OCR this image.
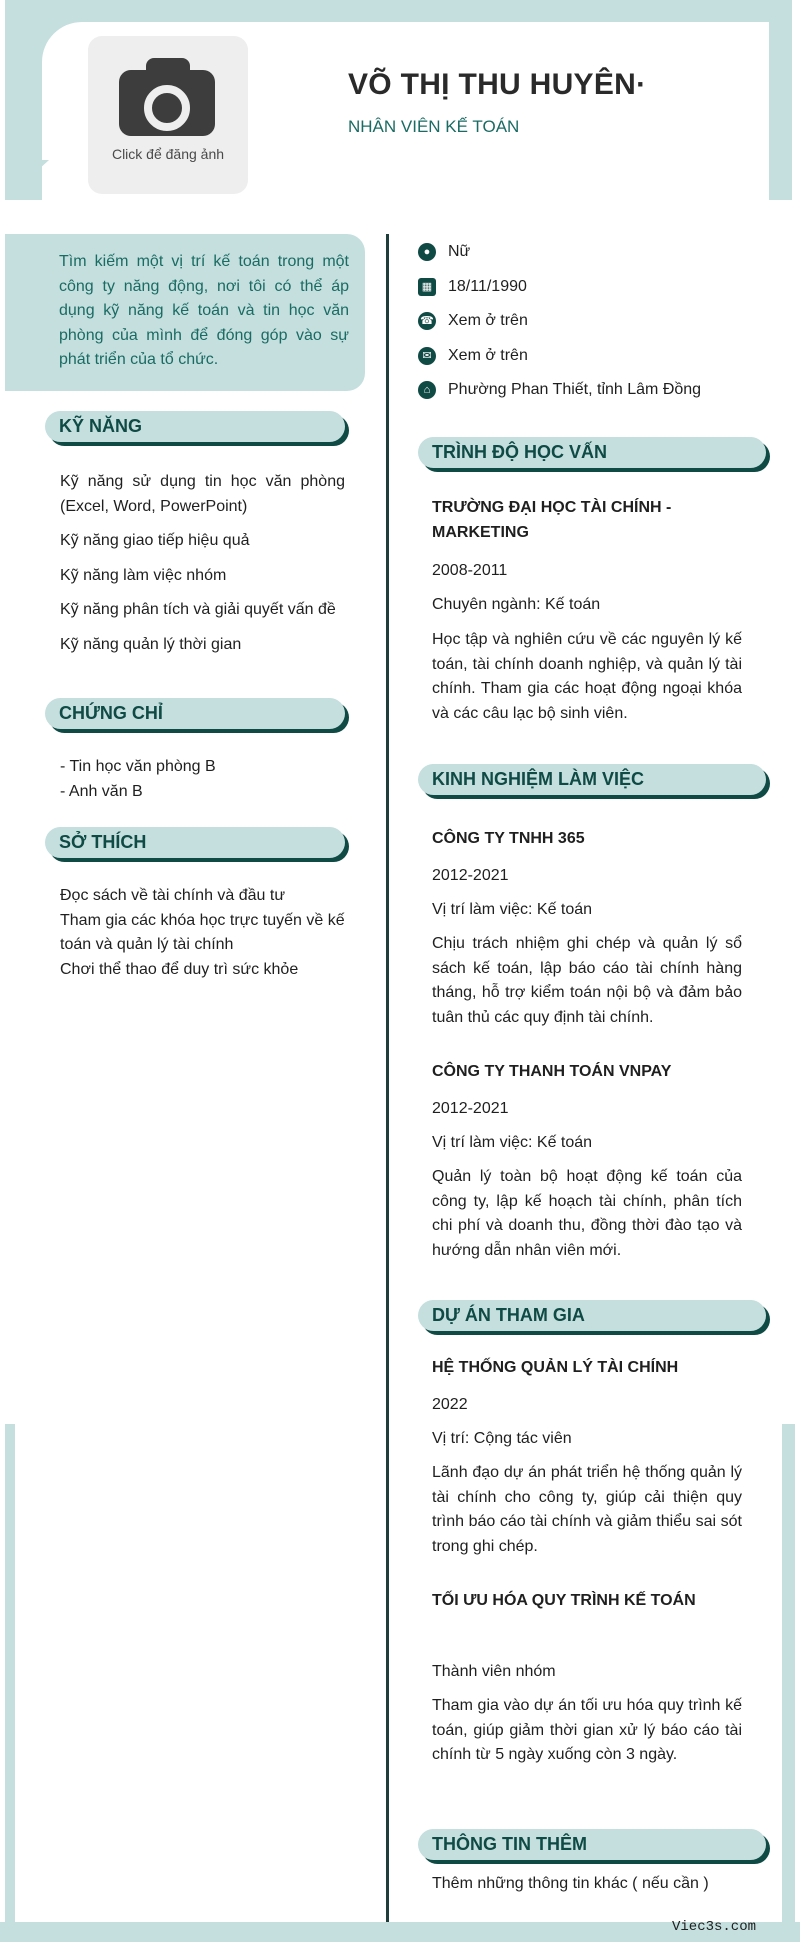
Click để đăng ảnh
VÕ THỊ THU HUYÊN·
NHÂN VIÊN KẾ TOÁN

Tìm kiếm một vị trí kế toán trong một công ty năng động, nơi tôi có thể áp dụng kỹ năng kế toán và tin học văn phòng của mình để đóng góp vào sự phát triển của tổ chức.

KỸ NĂNG
Kỹ năng sử dụng tin học văn phòng (Excel, Word, PowerPoint)
Kỹ năng giao tiếp hiệu quả
Kỹ năng làm việc nhóm
Kỹ năng phân tích và giải quyết vấn đề
Kỹ năng quản lý thời gian
CHỨNG CHỈ
- Tin học văn phòng B
- Anh văn B
SỞ THÍCH
Đọc sách về tài chính và đầu tư
Tham gia các khóa học trực tuyến về kế toán và quản lý tài chính
Chơi thể thao để duy trì sức khỏe
●	Nữ
▦ 18/11/1990
☎ Xem ở trên
✉ Xem ở trên
⌂	Phường Phan Thiết, tỉnh Lâm Đồng
TRÌNH ĐỘ HỌC VẤN
TRƯỜNG ĐẠI HỌC TÀI CHÍNH - MARKETING
2008-2011
Chuyên ngành: Kế toán
Học tập và nghiên cứu về các nguyên lý kế toán, tài chính doanh nghiệp, và quản lý tài chính. Tham gia các hoạt động ngoại khóa và các câu lạc bộ sinh viên.
KINH NGHIỆM LÀM VIỆC
CÔNG TY TNHH 365
2012-2021
Vị trí làm việc: Kế toán
Chịu trách nhiệm ghi chép và quản lý sổ sách kế toán, lập báo cáo tài chính hàng tháng, hỗ trợ kiểm toán nội bộ và đảm bảo tuân thủ các quy định tài chính.
CÔNG TY THANH TOÁN VNPAY
2012-2021
Vị trí làm việc: Kế toán
Quản lý toàn bộ hoạt động kế toán của công ty, lập kế hoạch tài chính, phân tích chi phí và doanh thu, đồng thời đào tạo và hướng dẫn nhân viên mới.
DỰ ÁN THAM GIA
HỆ THỐNG QUẢN LÝ TÀI CHÍNH
2022
Vị trí: Cộng tác viên
Lãnh đạo dự án phát triển hệ thống quản lý tài chính cho công ty, giúp cải thiện quy trình báo cáo tài chính và giảm thiểu sai sót trong ghi chép.
TỐI ƯU HÓA QUY TRÌNH KẾ TOÁN
Thành viên nhóm
Tham gia vào dự án tối ưu hóa quy trình kế toán, giúp giảm thời gian xử lý báo cáo tài chính từ 5 ngày xuống còn 3 ngày.
THÔNG TIN THÊM
Thêm những thông tin khác ( nếu cần )
Viec3s.com
